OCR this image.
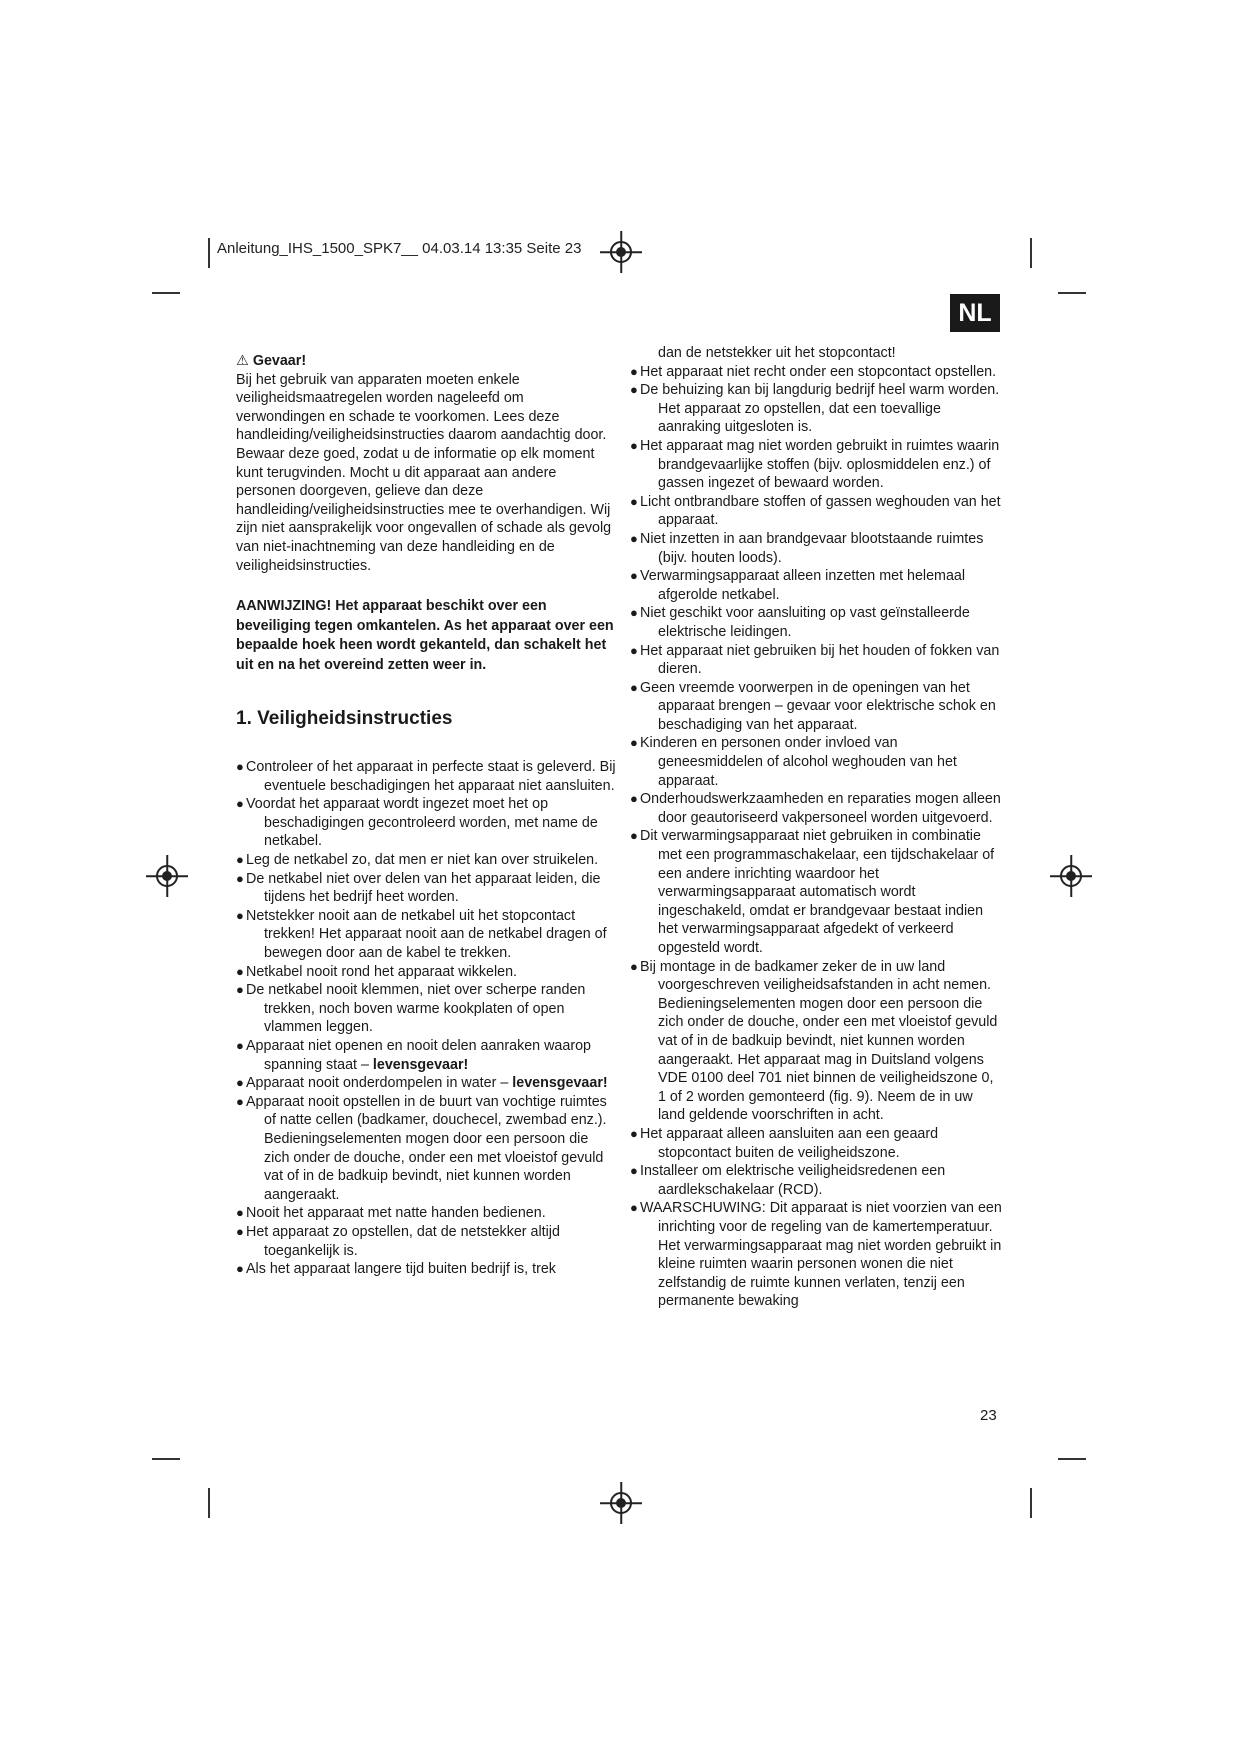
Anleitung_IHS_1500_SPK7__ 04.03.14 13:35 Seite 23
NL
⚠ Gevaar!

Bij het gebruik van apparaten moeten enkele veiligheidsmaatregelen worden nageleefd om verwondingen en schade te voorkomen. Lees deze handleiding/veiligheidsinstructies daarom aandachtig door. Bewaar deze goed, zodat u de informatie op elk moment kunt terugvinden. Mocht u dit apparaat aan andere personen doorgeven, gelieve dan deze handleiding/veiligheidsinstructies mee te overhandigen. Wij zijn niet aansprakelijk voor ongevallen of schade als gevolg van niet-inachtneming van deze handleiding en de veiligheidsinstructies.

AANWIJZING! Het apparaat beschikt over een beveiliging tegen omkantelen. As het apparaat over een bepaalde hoek heen wordt gekanteld, dan schakelt het uit en na het overeind zetten weer in.

1. Veiligheidsinstructies
● Controleer of het apparaat in perfecte staat is geleverd. Bij eventuele beschadigingen het apparaat niet aansluiten.
● Voordat het apparaat wordt ingezet moet het op beschadigingen gecontroleerd worden, met name de netkabel.
● Leg de netkabel zo, dat men er niet kan over struikelen.
● De netkabel niet over delen van het apparaat leiden, die tijdens het bedrijf heet worden.
● Netstekker nooit aan de netkabel uit het stopcontact trekken! Het apparaat nooit aan de netkabel dragen of bewegen door aan de kabel te trekken.
● Netkabel nooit rond het apparaat wikkelen.
● De netkabel nooit klemmen, niet over scherpe randen trekken, noch boven warme kookplaten of open vlammen leggen.
● Apparaat niet openen en nooit delen aanraken waarop spanning staat – levensgevaar!
● Apparaat nooit onderdompelen in water – levensgevaar!
● Apparaat nooit opstellen in de buurt van vochtige ruimtes of natte cellen (badkamer, douchecel, zwembad enz.). Bedieningselementen mogen door een persoon die zich onder de douche, onder een met vloeistof gevuld vat of in de badkuip bevindt, niet kunnen worden aangeraakt.
● Nooit het apparaat met natte handen bedienen.
● Het apparaat zo opstellen, dat de netstekker altijd toegankelijk is.
● Als het apparaat langere tijd buiten bedrijf is, trek

dan de netstekker uit het stopcontact!

● Het apparaat niet recht onder een stopcontact opstellen.
● De behuizing kan bij langdurig bedrijf heel warm worden. Het apparaat zo opstellen, dat een toevallige aanraking uitgesloten is.
● Het apparaat mag niet worden gebruikt in ruimtes waarin brandgevaarlijke stoffen (bijv. oplosmiddelen enz.) of gassen ingezet of bewaard worden.
● Licht ontbrandbare stoffen of gassen weghouden van het apparaat.
● Niet inzetten in aan brandgevaar blootstaande ruimtes (bijv. houten loods).
● Verwarmingsapparaat alleen inzetten met helemaal afgerolde netkabel.
● Niet geschikt voor aansluiting op vast geïnstalleerde elektrische leidingen.
● Het apparaat niet gebruiken bij het houden of fokken van dieren.
● Geen vreemde voorwerpen in de openingen van het apparaat brengen – gevaar voor elektrische schok en beschadiging van het apparaat.
● Kinderen en personen onder invloed van geneesmiddelen of alcohol weghouden van het apparaat.
● Onderhoudswerkzaamheden en reparaties mogen alleen door geautoriseerd vakpersoneel worden uitgevoerd.
● Dit verwarmingsapparaat niet gebruiken in combinatie met een programmaschakelaar, een tijdschakelaar of een andere inrichting waardoor het verwarmingsapparaat automatisch wordt ingeschakeld, omdat er brandgevaar bestaat indien het verwarmingsapparaat afgedekt of verkeerd opgesteld wordt.
● Bij montage in de badkamer zeker de in uw land voorgeschreven veiligheidsafstanden in acht nemen. Bedieningselementen mogen door een persoon die zich onder de douche, onder een met vloeistof gevuld vat of in de badkuip bevindt, niet kunnen worden aangeraakt. Het apparaat mag in Duitsland volgens VDE 0100 deel 701 niet binnen de veiligheidszone 0, 1 of 2 worden gemonteerd (fig. 9). Neem de in uw land geldende voorschriften in acht.
● Het apparaat alleen aansluiten aan een geaard stopcontact buiten de veiligheidszone.
● Installeer om elektrische veiligheidsredenen een aardlekschakelaar (RCD).
● WAARSCHUWING: Dit apparaat is niet voorzien van een inrichting voor de regeling van de kamertemperatuur. Het verwarmingsapparaat mag niet worden gebruikt in kleine ruimten waarin personen wonen die niet zelfstandig de ruimte kunnen verlaten, tenzij een permanente bewaking
23
